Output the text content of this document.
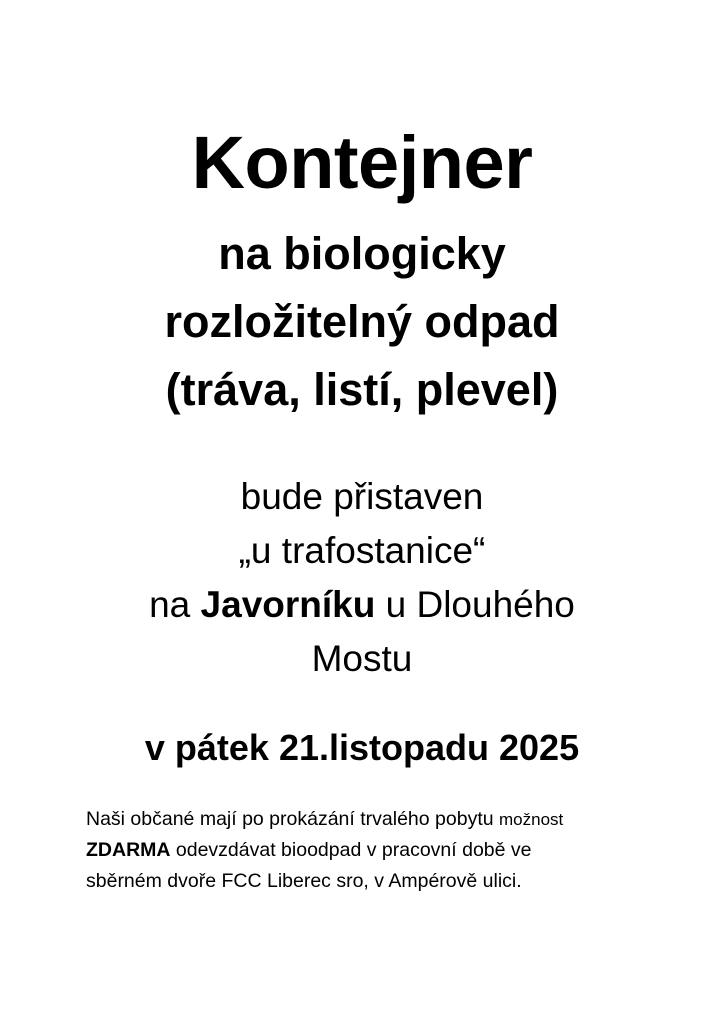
Kontejner
na biologicky
rozložitelný odpad
(tráva, listí, plevel)
bude přistaven
„u trafostanice“
na Javorníku u Dlouhého
Mostu
v pátek 21.listopadu 2025
Naši občané mají po prokázání trvalého pobytu možnost
ZDARMA odevzdávat bioodpad v pracovní době ve
sběrném dvoře FCC Liberec sro, v Ampérově ulici.
